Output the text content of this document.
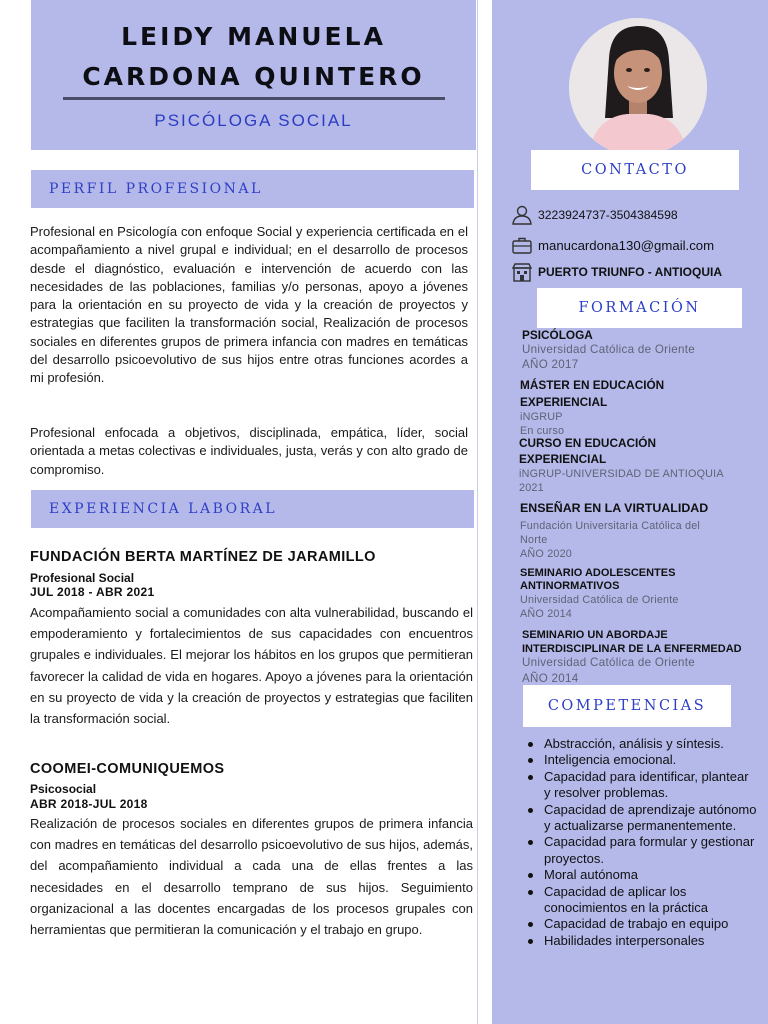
LEIDY MANUELA
CARDONA QUINTERO
PSICÓLOGA SOCIAL
PERFIL PROFESIONAL

Profesional en Psicología con enfoque Social y experiencia certificada en el acompañamiento a nivel grupal e individual; en el desarrollo de procesos desde el diagnóstico, evaluación e intervención de acuerdo con las necesidades de las poblaciones, familias y/o personas, apoyo a jóvenes para la orientación en su proyecto de vida y la creación de proyectos y estrategias que faciliten la transformación social, Realización de procesos sociales en diferentes grupos de primera infancia con madres en temáticas del desarrollo psicoevolutivo de sus hijos entre otras funciones acordes a mi profesión.

Profesional enfocada a objetivos, disciplinada, empática, líder, social orientada a metas colectivas e individuales, justa, verás y con alto grado de compromiso.

EXPERIENCIA LABORAL
FUNDACIÓN BERTA MARTÍNEZ DE JARAMILLO
Profesional Social
JUL 2018 - ABR 2021

Acompañamiento social a comunidades con alta vulnerabilidad, buscando el empoderamiento y fortalecimientos de sus capacidades con encuentros grupales e individuales. El mejorar los hábitos en los grupos que permitieran favorecer la calidad de vida en hogares. Apoyo a jóvenes para la orientación en su proyecto de vida y la creación de proyectos y estrategias que faciliten la transformación social.

COOMEI-COMUNIQUEMOS
Psicosocial
ABR 2018-JUL 2018

Realización de procesos sociales en diferentes grupos de primera infancia con madres en temáticas del desarrollo psicoevolutivo de sus hijos, además, del acompañamiento individual a cada una de ellas frentes a las necesidades en el desarrollo temprano de sus hijos. Seguimiento organizacional a las docentes encargadas de los procesos grupales con herramientas que permitieran la comunicación y el trabajo en grupo.

CONTACTO
3223924737-3504384598
manucardona130@gmail.com
PUERTO TRIUNFO - ANTIOQUIA
FORMACIÓN
PSICÓLOGA
Universidad Católica de Oriente
AÑO 2017
MÁSTER EN EDUCACIÓN
EXPERIENCIAL
iNGRUP
En curso
CURSO EN EDUCACIÓN
EXPERIENCIAL
iNGRUP-UNIVERSIDAD DE ANTIOQUIA
2021
ENSEÑAR EN LA VIRTUALIDAD
Fundación Universitaria Católica del
Norte
AÑO 2020
SEMINARIO ADOLESCENTES
ANTINORMATIVOS
Universidad Católica de Oriente
AÑO 2014
SEMINARIO UN ABORDAJE
INTERDISCIPLINAR DE LA ENFERMEDAD
Universidad Católica de Oriente
AÑO 2014
COMPETENCIAS
Abstracción, análisis y síntesis.
Inteligencia emocional.
Capacidad para identificar, plantear y resolver problemas.
Capacidad de aprendizaje autónomo y actualizarse permanentemente.
Capacidad para formular y gestionar proyectos.
Moral autónoma
Capacidad de aplicar los conocimientos en la práctica
Capacidad de trabajo en equipo
Habilidades interpersonales
